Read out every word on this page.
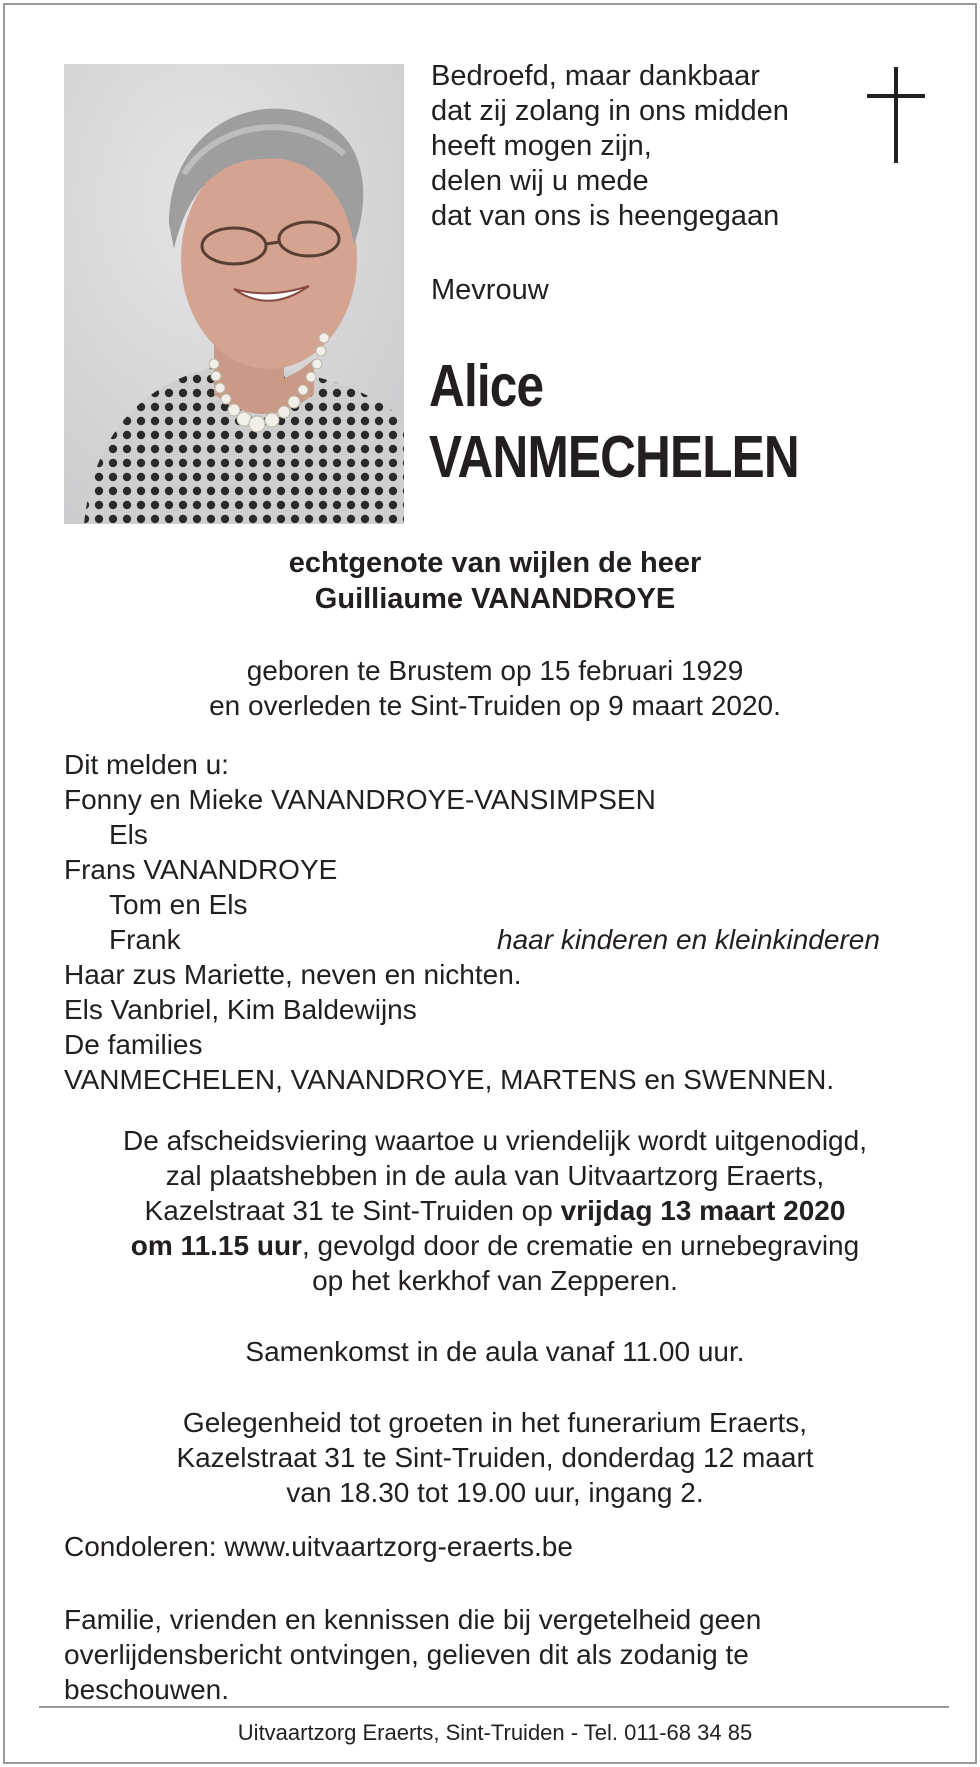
Bedroefd, maar dankbaar
dat zij zolang in ons midden
heeft mogen zijn,
delen wij u mede
dat van ons is heengegaan
Mevrouw
Alice
VANMECHELEN
echtgenote van wijlen de heer
Guilliaume VANANDROYE
geboren te Brustem op 15 februari 1929
en overleden te Sint-Truiden op 9 maart 2020.
Dit melden u:
Fonny en Mieke VANANDROYE-VANSIMPSEN
Els
Frans VANANDROYE
Tom en Els
Frank
Haar zus Mariette, neven en nichten.
Els Vanbriel, Kim Baldewijns
De families
VANMECHELEN, VANANDROYE, MARTENS en SWENNEN.
haar kinderen en kleinkinderen
De afscheidsviering waartoe u vriendelijk wordt uitgenodigd,
zal plaatshebben in de aula van Uitvaartzorg Eraerts,
Kazelstraat 31 te Sint-Truiden op vrijdag 13 maart 2020
om 11.15 uur, gevolgd door de crematie en urnebegraving
op het kerkhof van Zepperen.
Samenkomst in de aula vanaf 11.00 uur.
Gelegenheid tot groeten in het funerarium Eraerts,
Kazelstraat 31 te Sint-Truiden, donderdag 12 maart
van 18.30 tot 19.00 uur, ingang 2.
Condoleren: www.uitvaartzorg-eraerts.be
Familie, vrienden en kennissen die bij vergetelheid geen
overlijdensbericht ontvingen, gelieven dit als zodanig te
beschouwen.
Uitvaartzorg Eraerts, Sint-Truiden - Tel. 011-68 34 85
